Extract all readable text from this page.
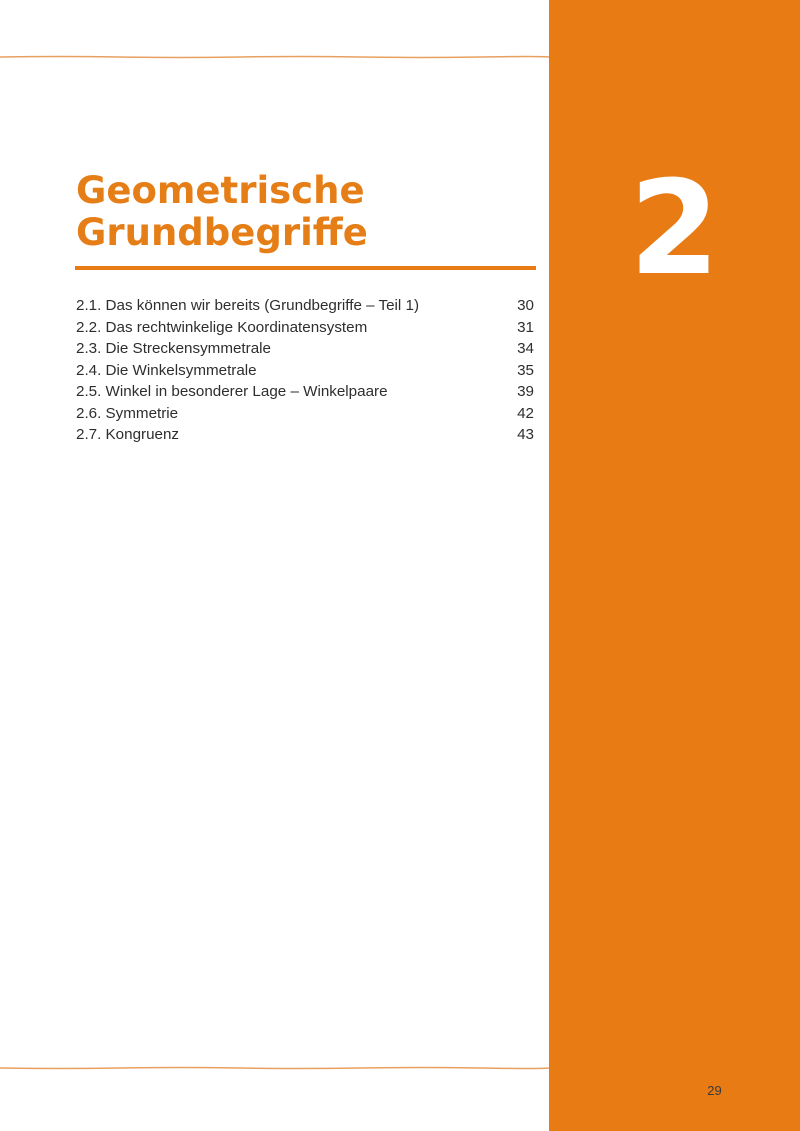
2
Geometrische
Grundbegriffe
2.1. Das können wir bereits (Grundbegriffe – Teil 1)	30
2.2. Das rechtwinkelige Koordinatensystem	31
2.3. Die Streckensymmetrale	34
2.4. Die Winkelsymmetrale	35
2.5. Winkel in besonderer Lage – Winkelpaare	39
2.6. Symmetrie	42
2.7. Kongruenz	43
29
